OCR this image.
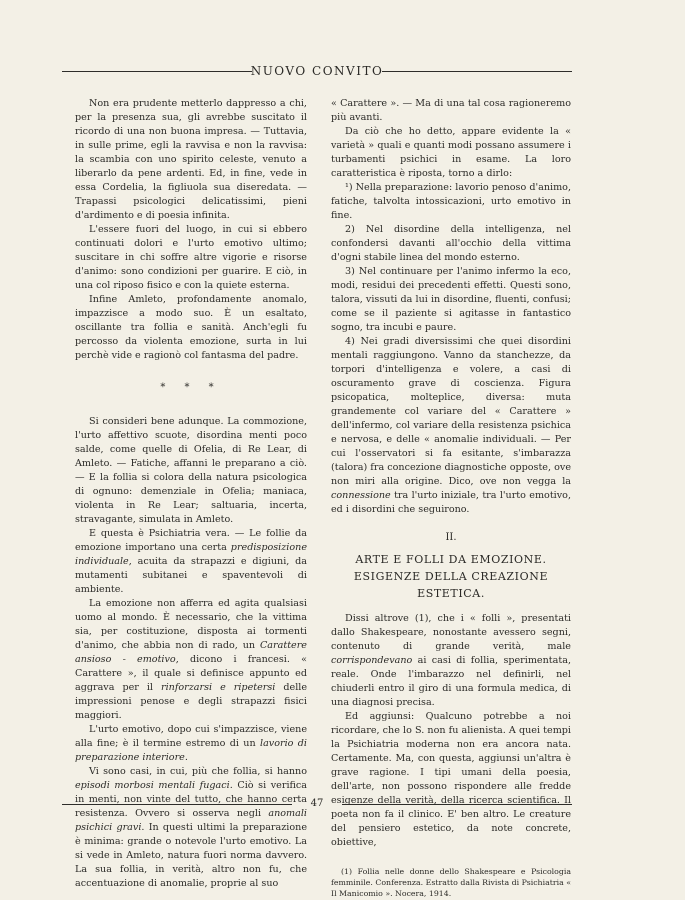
NUOVO CONVITO

Non era prudente metterlo dappresso a chi, per la presenza sua, gli avrebbe suscitato il ricordo di una non buona impresa. — Tuttavia, in sulle prime, egli la ravvisa e non la ravvisa: la scambia con uno spirito celeste, venuto a liberarlo da pene ardenti. Ed, in fine, vede in essa Cordelia, la figliuola sua diseredata. — Trapassi psicologici delicatissimi, pieni d'ardimento e di poesia infinita.

L'essere fuori del luogo, in cui si ebbero continuati dolori e l'urto emotivo ultimo; suscitare in chi soffre altre vigorie e risorse d'animo: sono condizioni per guarire. E ciò, in una col riposo fisico e con la quiete esterna.

Infine Amleto, profondamente anomalo, impazzisce a modo suo. È un esaltato, oscillante tra follia e sanità. Anch'egli fu percosso da violenta emozione, surta in lui perchè vide e ragionò col fantasma del padre.

* * *

Si consideri bene adunque. La commozione, l'urto affettivo scuote, disordina menti poco salde, come quelle di Ofelia, di Re Lear, di Amleto. — Fatiche, affanni le preparano a ciò. — E la follia si colora della natura psicologica di ognuno: demenziale in Ofelia; maniaca, violenta in Re Lear; saltuaria, incerta, stravagante, simulata in Amleto.

E questa è Psichiatria vera. — Le follie da emozione importano una certa predisposizione individuale, acuita da strapazzi e digiuni, da mutamenti subitanei e spaventevoli di ambiente.

La emozione non afferra ed agita qualsiasi uomo al mondo. È necessario, che la vittima sia, per costituzione, disposta ai tormenti d'animo, che abbia non di rado, un Carattere ansioso - emotivo, dicono i francesi. « Carattere », il quale si definisce appunto ed aggrava per il rinforzarsi e ripetersi delle impressioni penose e degli strapazzi fisici maggiori.

L'urto emotivo, dopo cui s'impazzisce, viene alla fine; è il termine estremo di un lavorio di preparazione interiore.

Vi sono casi, in cui, più che follia, si hanno episodi morbosi mentali fugaci. Ciò si verifica in menti, non vinte del tutto, che hanno certa resistenza. Ovvero si osserva negli anomali psichici gravi. In questi ultimi la preparazione è minima: grande o notevole l'urto emotivo. La si vede in Amleto, natura fuori norma davvero. La sua follia, in verità, altro non fu, che accentuazione di anomalie, proprie al suo

« Carattere ». — Ma di una tal cosa ragioneremo più avanti.

Da ciò che ho detto, appare evidente la « varietà » quali e quanti modi possano assumere i turbamenti psichici in esame. La loro caratteristica è riposta, torno a dirlo:

¹) Nella preparazione: lavorio penoso d'animo, fatiche, talvolta intossicazioni, urto emotivo in fine.

2) Nel disordine della intelligenza, nel confondersi davanti all'occhio della vittima d'ogni stabile linea del mondo esterno.

3) Nel continuare per l'animo infermo la eco, modi, residui dei precedenti effetti. Questi sono, talora, vissuti da lui in disordine, fluenti, confusi; come se il paziente si agitasse in fantastico sogno, tra incubi e paure.

4) Nei gradi diversissimi che quei disordini mentali raggiungono. Vanno da stanchezze, da torpori d'intelligenza e volere, a casi di oscuramento grave di coscienza. Figura psicopatica, molteplice, diversa: muta grandemente col variare del « Carattere » dell'infermo, col variare della resistenza psichica e nervosa, e delle « anomalie individuali. — Per cui l'osservatori si fa esitante, s'imbarazza (talora) fra concezione diagnostiche opposte, ove non miri alla origine. Dico, ove non vegga la connessione tra l'urto iniziale, tra l'urto emotivo, ed i disordini che seguirono.

II.
ARTE E FOLLI DA EMOZIONE.
ESIGENZE DELLA CREAZIONE ESTETICA.

Dissi altrove (1), che i « folli », presentati dallo Shakespeare, nonostante avessero segni, contenuto di grande verità, male corrispondevano ai casi di follia, sperimentata, reale. Onde l'imbarazzo nel definirli, nel chiuderli entro il giro di una formula medica, di una diagnosi precisa.

Ed aggiunsi: Qualcuno potrebbe a noi ricordare, che lo S. non fu alienista. A quei tempi la Psichiatria moderna non era ancora nata. Certamente. Ma, con questa, aggiunsi un'altra è grave ragione. I tipi umani della poesia, dell'arte, non possono rispondere alle fredde esigenze della verità, della ricerca scientifica. Il poeta non fa il clinico. E' ben altro. Le creature del pensiero estetico, da note concrete, obiettive,

(1) Follia nelle donne dello Shakespeare e Psicologia femminile. Conferenza. Estratto dalla Rivista di Psichiatria « Il Manicomio ». Nocera, 1914.
47
